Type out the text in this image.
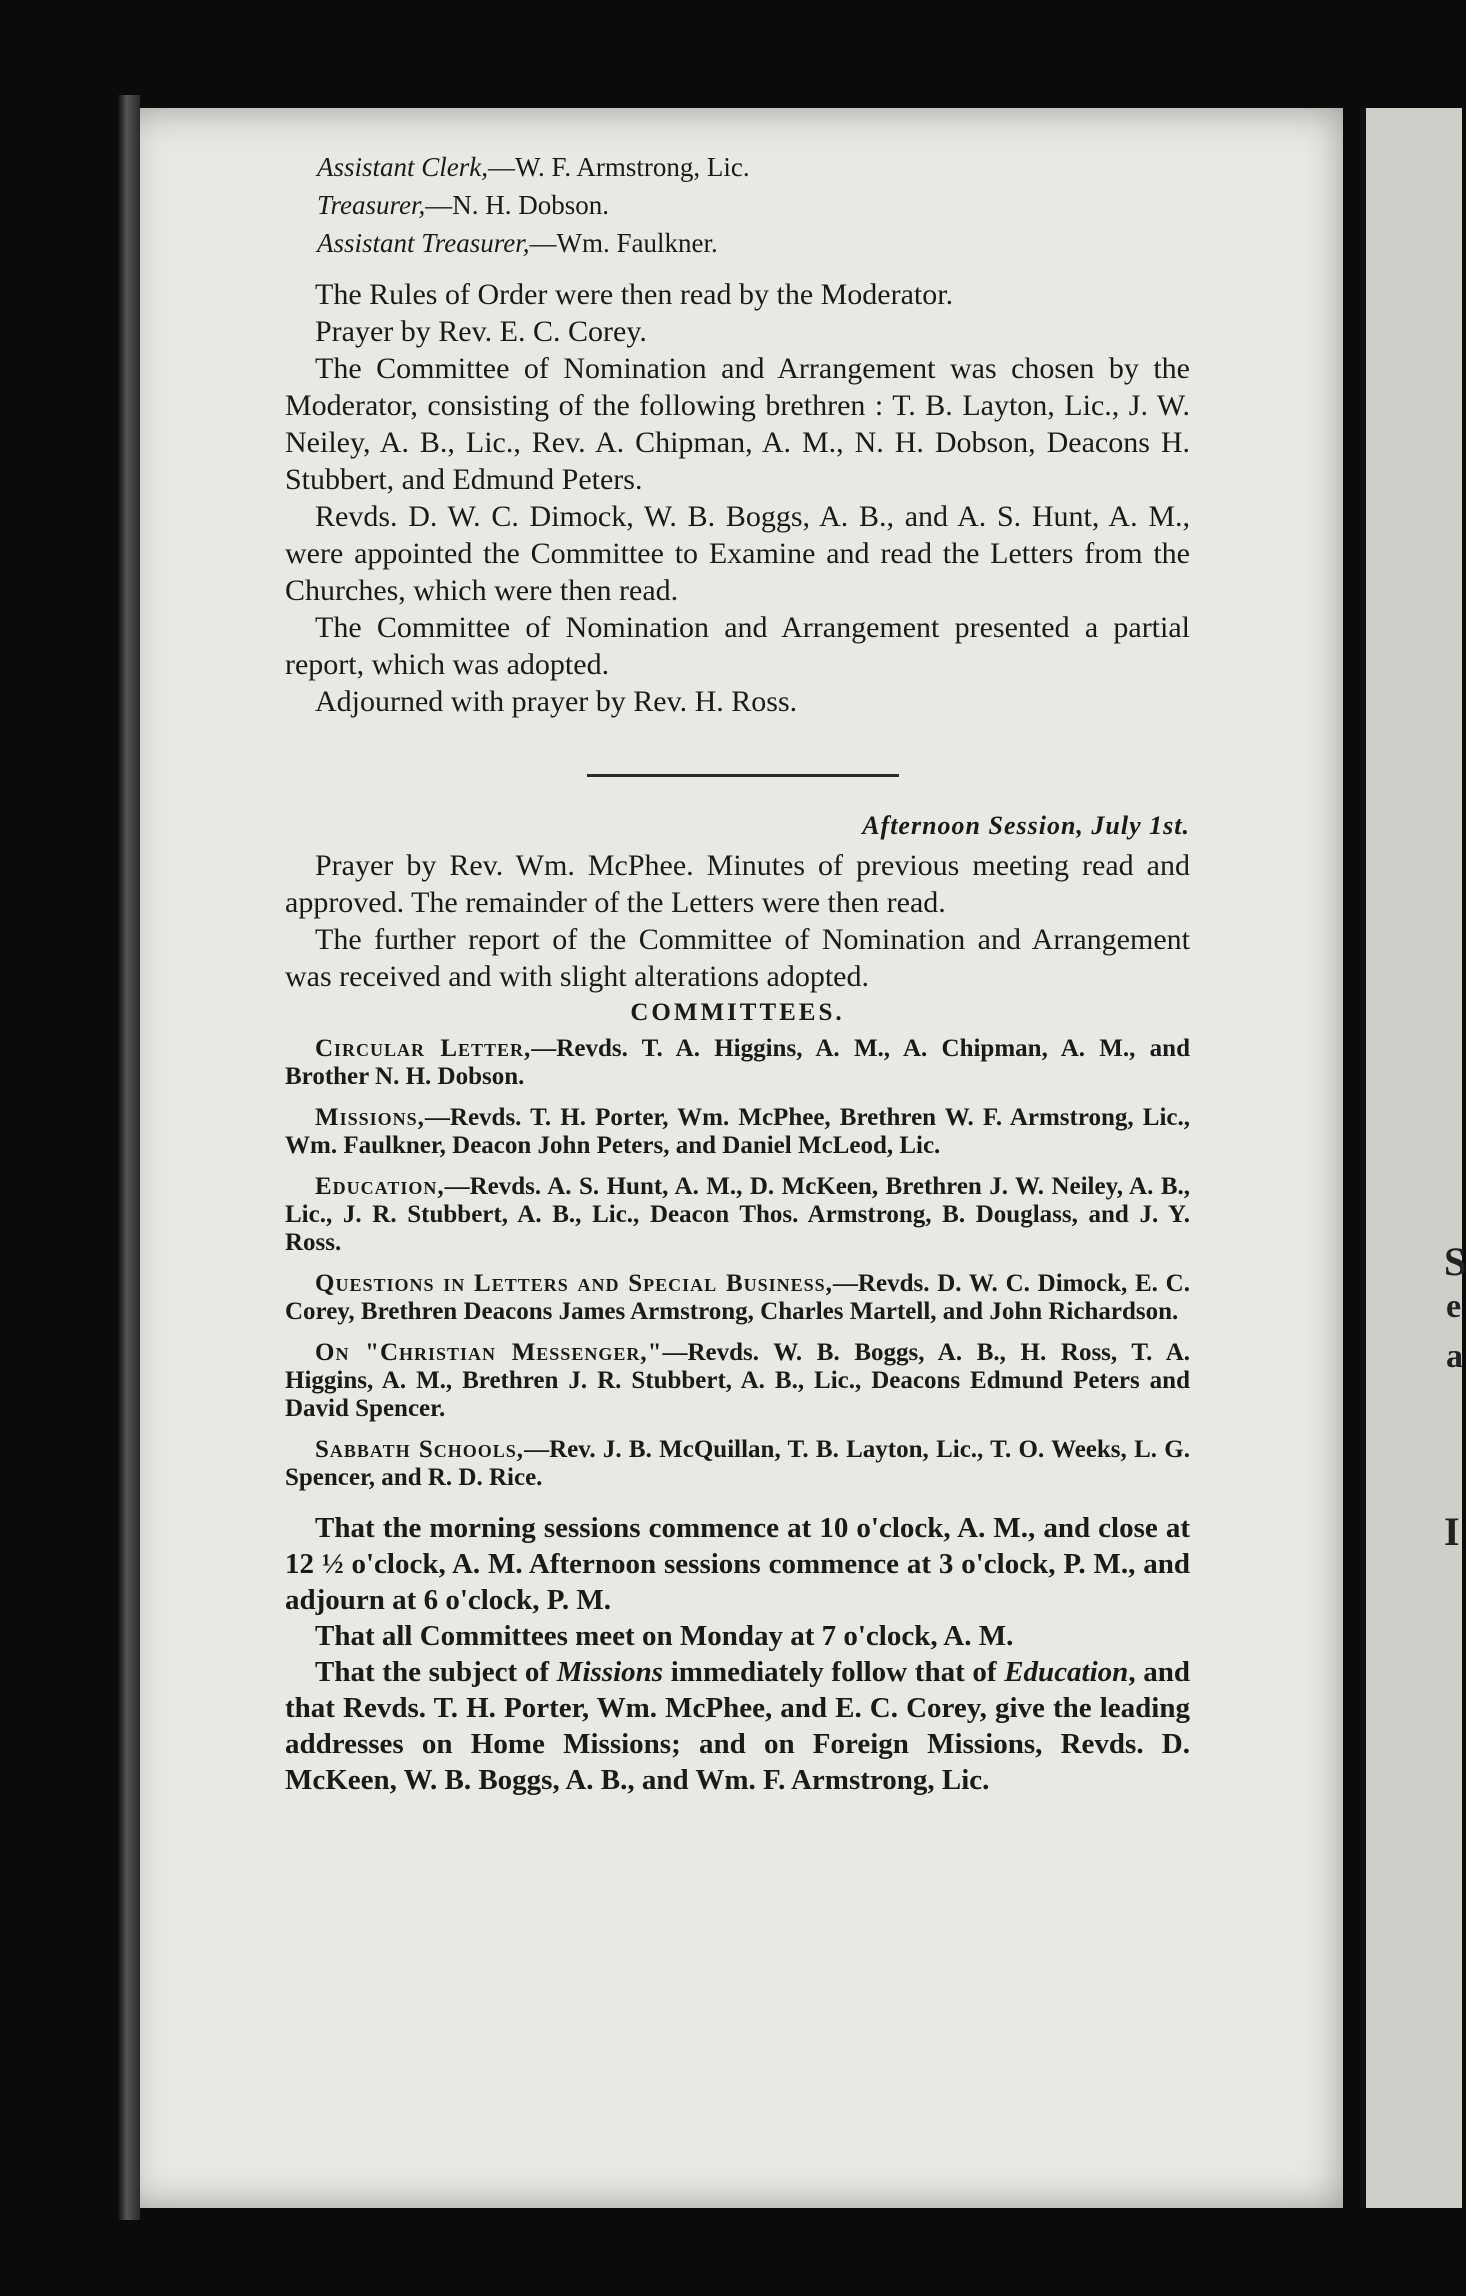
S
e
a
I
Assistant Clerk,—W. F. Armstrong, Lic.
Treasurer,—N. H. Dobson.
Assistant Treasurer,—Wm. Faulkner.

The Rules of Order were then read by the Moderator.

Prayer by Rev. E. C. Corey.

The Committee of Nomination and Arrangement was chosen by the Moderator, consisting of the following brethren : T. B. Layton, Lic., J. W. Neiley, A. B., Lic., Rev. A. Chipman, A. M., N. H. Dobson, Deacons H. Stubbert, and Edmund Peters.

Revds. D. W. C. Dimock, W. B. Boggs, A. B., and A. S. Hunt, A. M., were appointed the Committee to Examine and read the Letters from the Churches, which were then read.

The Committee of Nomination and Arrangement presented a partial report, which was adopted.

Adjourned with prayer by Rev. H. Ross.

Afternoon Session, July 1st.

Prayer by Rev. Wm. McPhee. Minutes of previous meeting read and approved. The remainder of the Letters were then read.

The further report of the Committee of Nomination and Arrangement was received and with slight alterations adopted.

COMMITTEES.

Circular Letter,—Revds. T. A. Higgins, A. M., A. Chipman, A. M., and Brother N. H. Dobson.

Missions,—Revds. T. H. Porter, Wm. McPhee, Brethren W. F. Armstrong, Lic., Wm. Faulkner, Deacon John Peters, and Daniel McLeod, Lic.

Education,—Revds. A. S. Hunt, A. M., D. McKeen, Brethren J. W. Neiley, A. B., Lic., J. R. Stubbert, A. B., Lic., Deacon Thos. Armstrong, B. Douglass, and J. Y. Ross.

Questions in Letters and Special Business,—Revds. D. W. C. Dimock, E. C. Corey, Brethren Deacons James Armstrong, Charles Martell, and John Richardson.

On "Christian Messenger,"—Revds. W. B. Boggs, A. B., H. Ross, T. A. Higgins, A. M., Brethren J. R. Stubbert, A. B., Lic., Deacons Edmund Peters and David Spencer.

Sabbath Schools,—Rev. J. B. McQuillan, T. B. Layton, Lic., T. O. Weeks, L. G. Spencer, and R. D. Rice.

That the morning sessions commence at 10 o'clock, A. M., and close at 12 ½ o'clock, A. M. Afternoon sessions commence at 3 o'clock, P. M., and adjourn at 6 o'clock, P. M.

That all Committees meet on Monday at 7 o'clock, A. M.

That the subject of Missions immediately follow that of Education, and that Revds. T. H. Porter, Wm. McPhee, and E. C. Corey, give the leading addresses on Home Missions; and on Foreign Missions, Revds. D. McKeen, W. B. Boggs, A. B., and Wm. F. Armstrong, Lic.
